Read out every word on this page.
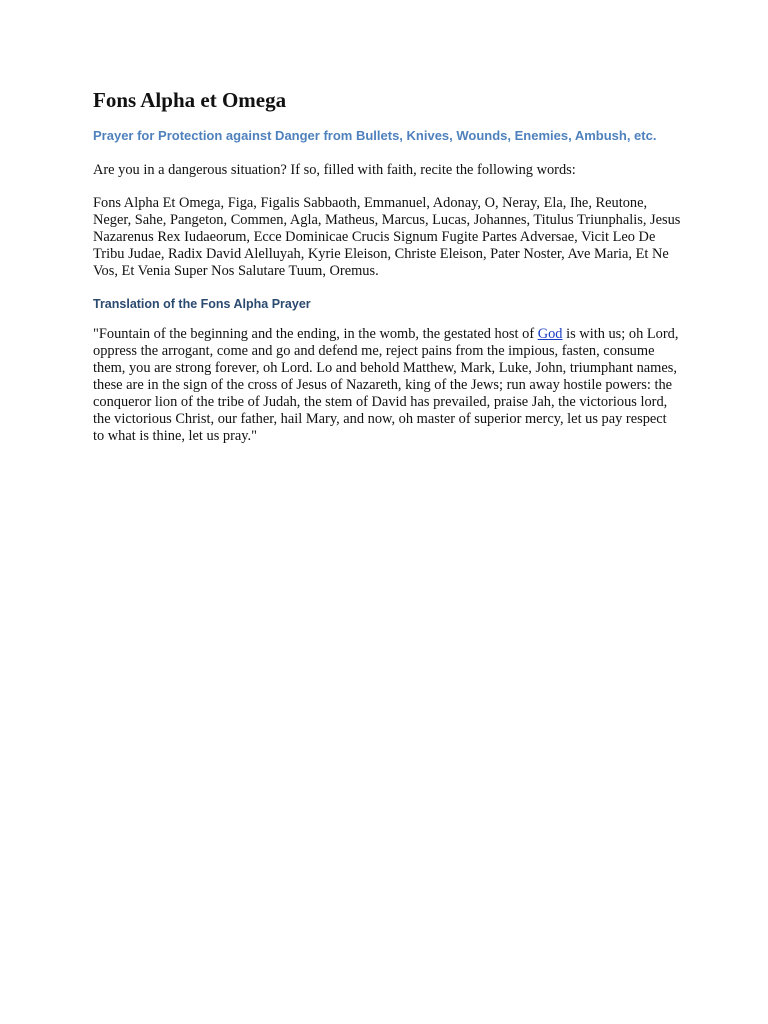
Fons Alpha et Omega
Prayer for Protection against Danger from Bullets, Knives, Wounds, Enemies, Ambush, etc.

Are you in a dangerous situation? If so, filled with faith, recite the following words:

Fons Alpha Et Omega, Figa, Figalis Sabbaoth, Emmanuel, Adonay, O, Neray, Ela, Ihe, Reutone, Neger, Sahe, Pangeton, Commen, Agla, Matheus, Marcus, Lucas, Johannes, Titulus Triunphalis, Jesus Nazarenus Rex Iudaeorum, Ecce Dominicae Crucis Signum Fugite Partes Adversae, Vicit Leo De Tribu Judae, Radix David Alelluyah, Kyrie Eleison, Christe Eleison, Pater Noster, Ave Maria, Et Ne Vos, Et Venia Super Nos Salutare Tuum, Oremus.

Translation of the Fons Alpha Prayer

"Fountain of the beginning and the ending, in the womb, the gestated host of God is with us; oh Lord, oppress the arrogant, come and go and defend me, reject pains from the impious, fasten, consume them, you are strong forever, oh Lord. Lo and behold Matthew, Mark, Luke, John, triumphant names, these are in the sign of the cross of Jesus of Nazareth, king of the Jews; run away hostile powers: the conqueror lion of the tribe of Judah, the stem of David has prevailed, praise Jah, the victorious lord, the victorious Christ, our father, hail Mary, and now, oh master of superior mercy, let us pay respect to what is thine, let us pray."
